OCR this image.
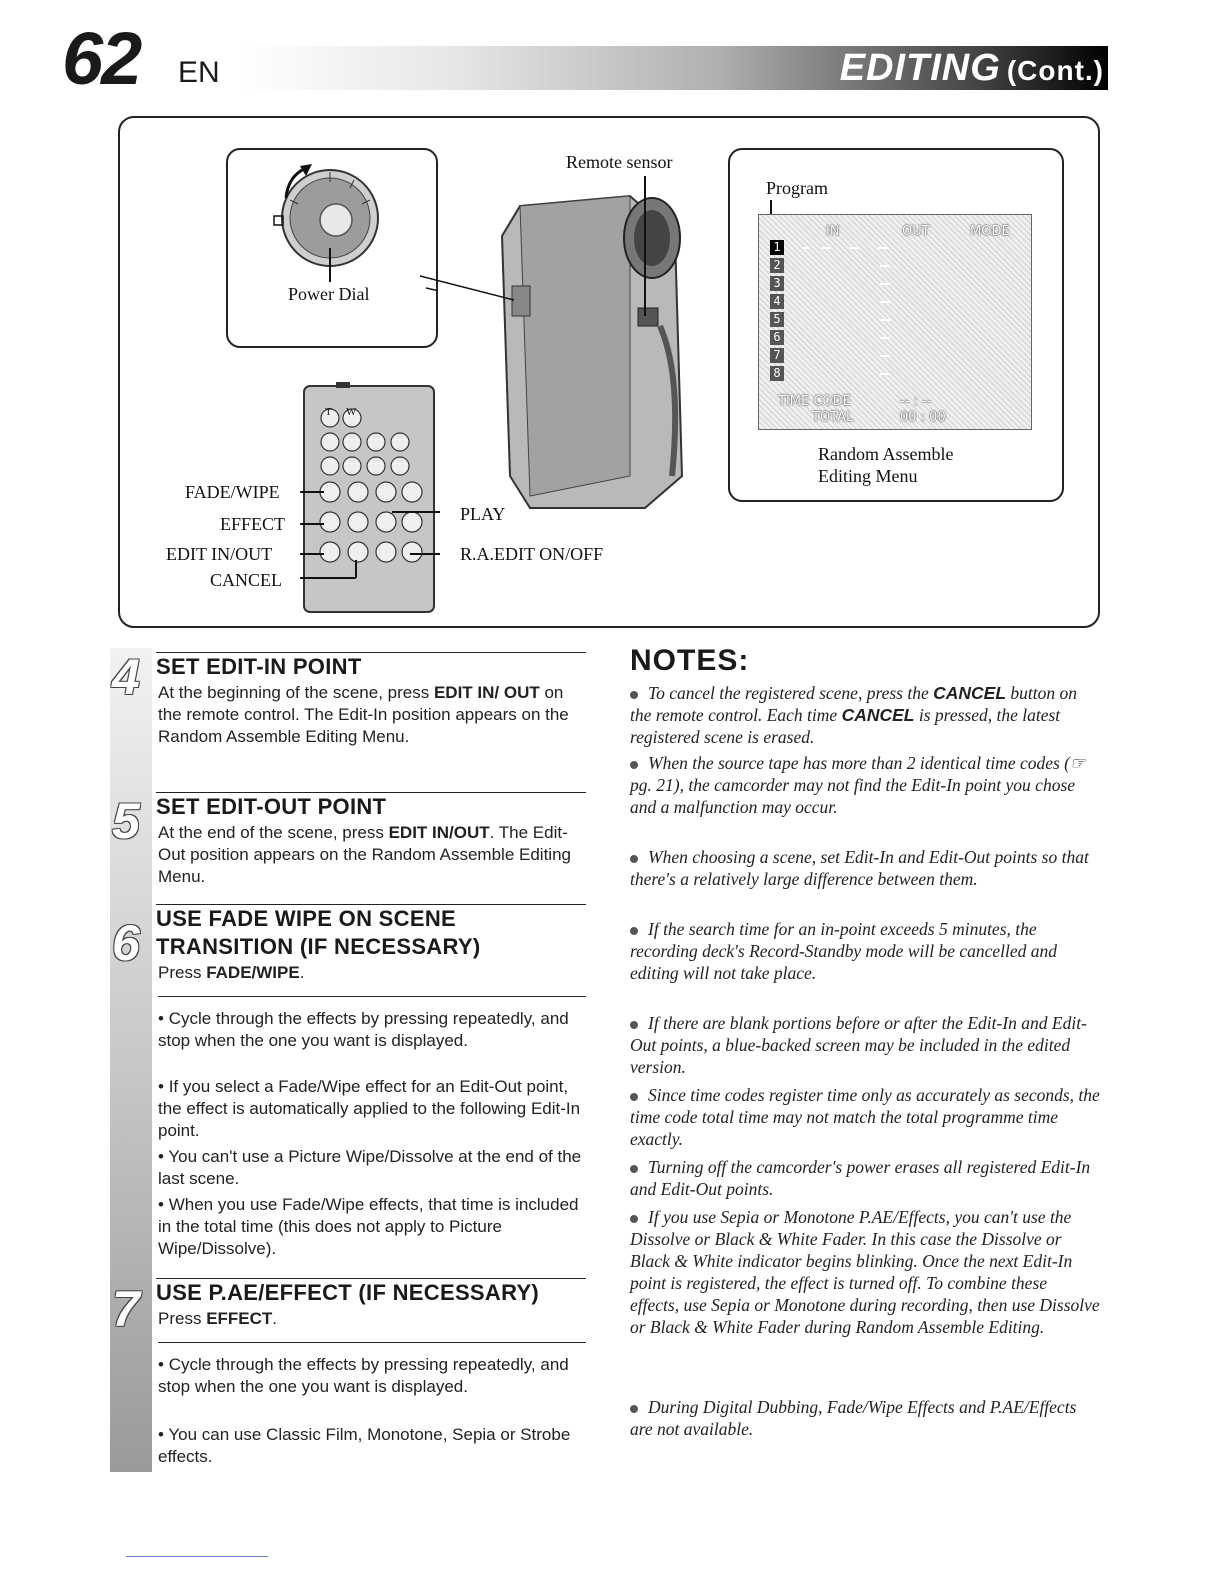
62 EN	EDITING (Cont.)
Power Dial
Remote sensor
T W
FADE/WIPE
EFFECT
EDIT IN/OUT
CANCEL
PLAY
R.A.EDIT ON/OFF
Program
IN	OUT	MODE
1
2
3
4
5
6
7
8
TIME CODE	-- : --
TOTAL	00 : 00
Random Assemble
Editing Menu
4 SET EDIT-IN POINT
At the beginning of the scene, press EDIT IN/ OUT on the remote control. The Edit-In position appears on the Random Assemble Editing Menu.
5 SET EDIT-OUT POINT
At the end of the scene, press EDIT IN/OUT. The Edit-Out position appears on the Random Assemble Editing Menu.
6 USE FADE WIPE ON SCENE
TRANSITION (IF NECESSARY)
Press FADE/WIPE.
• Cycle through the effects by pressing repeatedly, and stop when the one you want is displayed.
• If you select a Fade/Wipe effect for an Edit-Out point, the effect is automatically applied to the following Edit-In point.
• You can't use a Picture Wipe/Dissolve at the end of the last scene.
• When you use Fade/Wipe effects, that time is included in the total time (this does not apply to Picture Wipe/Dissolve).
7 USE P.AE/EFFECT (IF NECESSARY)
Press EFFECT.
• Cycle through the effects by pressing repeatedly, and stop when the one you want is displayed.
• You can use Classic Film, Monotone, Sepia or Strobe effects.
NOTES:
To cancel the registered scene, press the CANCEL button on the remote control. Each time CANCEL is pressed, the latest registered scene is erased.
When the source tape has more than 2 identical time codes (☞pg. 21), the camcorder may not find the Edit-In point you chose and a malfunction may occur.
When choosing a scene, set Edit-In and Edit-Out points so that there's a relatively large difference between them.
If the search time for an in-point exceeds 5 minutes, the recording deck's Record-Standby mode will be cancelled and editing will not take place.
If there are blank portions before or after the Edit-In and Edit-Out points, a blue-backed screen may be included in the edited version.
Since time codes register time only as accurately as seconds, the time code total time may not match the total programme time exactly.
Turning off the camcorder's power erases all registered Edit-In and Edit-Out points.
If you use Sepia or Monotone P.AE/Effects, you can't use the Dissolve or Black & White Fader. In this case the Dissolve or Black & White indicator begins blinking. Once the next Edit-In point is registered, the effect is turned off. To combine these effects, use Sepia or Monotone during recording, then use Dissolve or Black & White Fader during Random Assemble Editing.
During Digital Dubbing, Fade/Wipe Effects and P.AE/Effects are not available.
